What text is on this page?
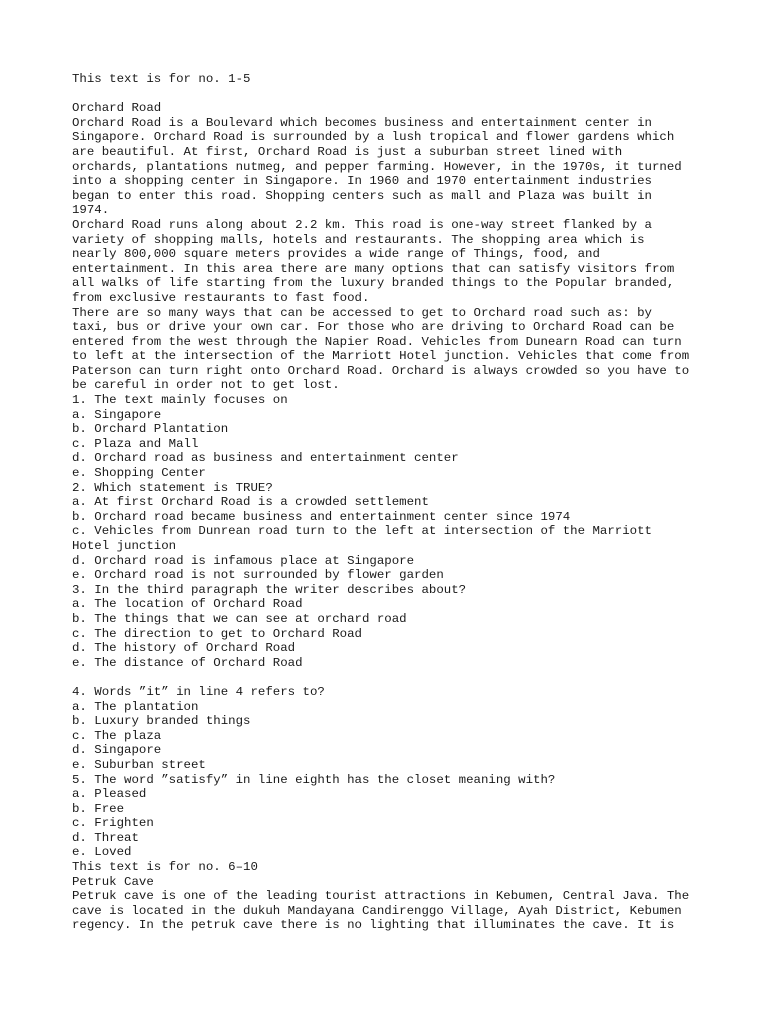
This text is for no. 1-5
Orchard Road
Orchard Road is a Boulevard which becomes business and entertainment center in
Singapore. Orchard Road is surrounded by a lush tropical and flower gardens which
are beautiful. At first, Orchard Road is just a suburban street lined with
orchards, plantations nutmeg, and pepper farming. However, in the 1970s, it turned
into a shopping center in Singapore. In 1960 and 1970 entertainment industries
began to enter this road. Shopping centers such as mall and Plaza was built in
1974.
Orchard Road runs along about 2.2 km. This road is one-way street flanked by a
variety of shopping malls, hotels and restaurants. The shopping area which is
nearly 800,000 square meters provides a wide range of Things, food, and
entertainment. In this area there are many options that can satisfy visitors from
all walks of life starting from the luxury branded things to the Popular branded,
from exclusive restaurants to fast food.
There are so many ways that can be accessed to get to Orchard road such as: by
taxi, bus or drive your own car. For those who are driving to Orchard Road can be
entered from the west through the Napier Road. Vehicles from Dunearn Road can turn
to left at the intersection of the Marriott Hotel junction. Vehicles that come from
Paterson can turn right onto Orchard Road. Orchard is always crowded so you have to
be careful in order not to get lost.
1. The text mainly focuses on
a. Singapore
b. Orchard Plantation
c. Plaza and Mall
d. Orchard road as business and entertainment center
e. Shopping Center
2. Which statement is TRUE?
a. At first Orchard Road is a crowded settlement
b. Orchard road became business and entertainment center since 1974
c. Vehicles from Dunrean road turn to the left at intersection of the Marriott
Hotel junction
d. Orchard road is infamous place at Singapore
e. Orchard road is not surrounded by flower garden
3. In the third paragraph the writer describes about?
a. The location of Orchard Road
b. The things that we can see at orchard road
c. The direction to get to Orchard Road
d. The history of Orchard Road
e. The distance of Orchard Road
4. Words ”it” in line 4 refers to?
a. The plantation
b. Luxury branded things
c. The plaza
d. Singapore
e. Suburban street
5. The word ”satisfy” in line eighth has the closet meaning with?
a. Pleased
b. Free
c. Frighten
d. Threat
e. Loved
This text is for no. 6–10
Petruk Cave
Petruk cave is one of the leading tourist attractions in Kebumen, Central Java. The
cave is located in the dukuh Mandayana Candirenggo Village, Ayah District, Kebumen
regency. In the petruk cave there is no lighting that illuminates the cave. It is
